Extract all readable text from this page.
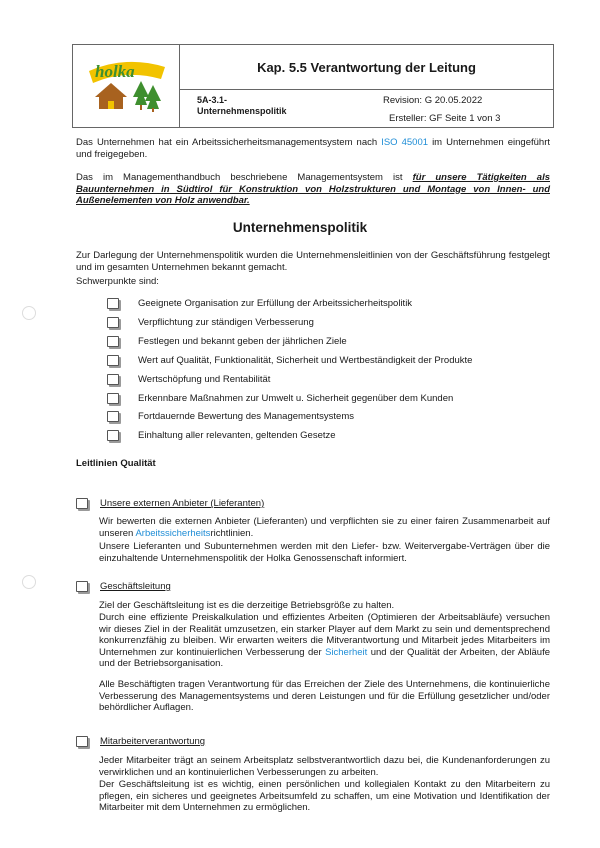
holka	Kap. 5.5 Verantwortung der Leitung
5A-3.1-
Unternehmenspolitik
Revision: G 20.05.2022
Ersteller: GF Seite 1 von 3
Das Unternehmen hat ein Arbeitssicherheitsmanagementsystem nach ISO 45001 im Unternehmen eingeführt und freigegeben.
Das im Managementhandbuch beschriebene Managementsystem ist für unsere Tätigkeiten als Bauunternehmen in Südtirol für Konstruktion von Holzstrukturen und Montage von Innen- und Außenelementen von Holz anwendbar.
Unternehmenspolitik
Zur Darlegung der Unternehmenspolitik wurden die Unternehmensleitlinien von der Geschäftsführung festgelegt und im gesamten Unternehmen bekannt gemacht.
Schwerpunkte sind:
Geeignete Organisation zur Erfüllung der Arbeitssicherheitspolitik
Verpflichtung zur ständigen Verbesserung
Festlegen und bekannt geben der jährlichen Ziele
Wert auf Qualität, Funktionalität, Sicherheit und Wertbeständigkeit der Produkte
Wertschöpfung und Rentabilität
Erkennbare Maßnahmen zur Umwelt u. Sicherheit gegenüber dem Kunden
Fortdauernde Bewertung des Managementsystems
Einhaltung aller relevanten, geltenden Gesetze
Leitlinien Qualität
Unsere externen Anbieter (Lieferanten)
Wir bewerten die externen Anbieter (Lieferanten) und verpflichten sie zu einer fairen Zusammenarbeit auf unseren Arbeitssicherheitsrichtlinien.
Unsere Lieferanten und Subunternehmen werden mit den Liefer- bzw. Weitervergabe-Verträgen über die einzuhaltende Unternehmenspolitik der Holka Genossenschaft informiert.
Geschäftsleitung
Ziel der Geschäftsleitung ist es die derzeitige Betriebsgröße zu halten.
Durch eine effiziente Preiskalkulation und effizientes Arbeiten (Optimieren der Arbeitsabläufe) versuchen wir dieses Ziel in der Realität umzusetzen, ein starker Player auf dem Markt zu sein und dementsprechend konkurrenzfähig zu bleiben. Wir erwarten weiters die Mitverantwortung und Mitarbeit jedes Mitarbeiters im Unternehmen zur kontinuierlichen Verbesserung der Sicherheit und der Qualität der Arbeiten, der Abläufe und der Betriebsorganisation.
Alle Beschäftigten tragen Verantwortung für das Erreichen der Ziele des Unternehmens, die kontinuierliche Verbesserung des Managementsystems und deren Leistungen und für die Erfüllung gesetzlicher und/oder behördlicher Auflagen.
Mitarbeiterverantwortung
Jeder Mitarbeiter trägt an seinem Arbeitsplatz selbstverantwortlich dazu bei, die Kundenanforderungen zu verwirklichen und an kontinuierlichen Verbesserungen zu arbeiten.
Der Geschäftsleitung ist es wichtig, einen persönlichen und kollegialen Kontakt zu den Mitarbeitern zu pflegen, ein sicheres und geeignetes Arbeitsumfeld zu schaffen, um eine Motivation und Identifikation der Mitarbeiter mit dem Unternehmen zu ermöglichen.
